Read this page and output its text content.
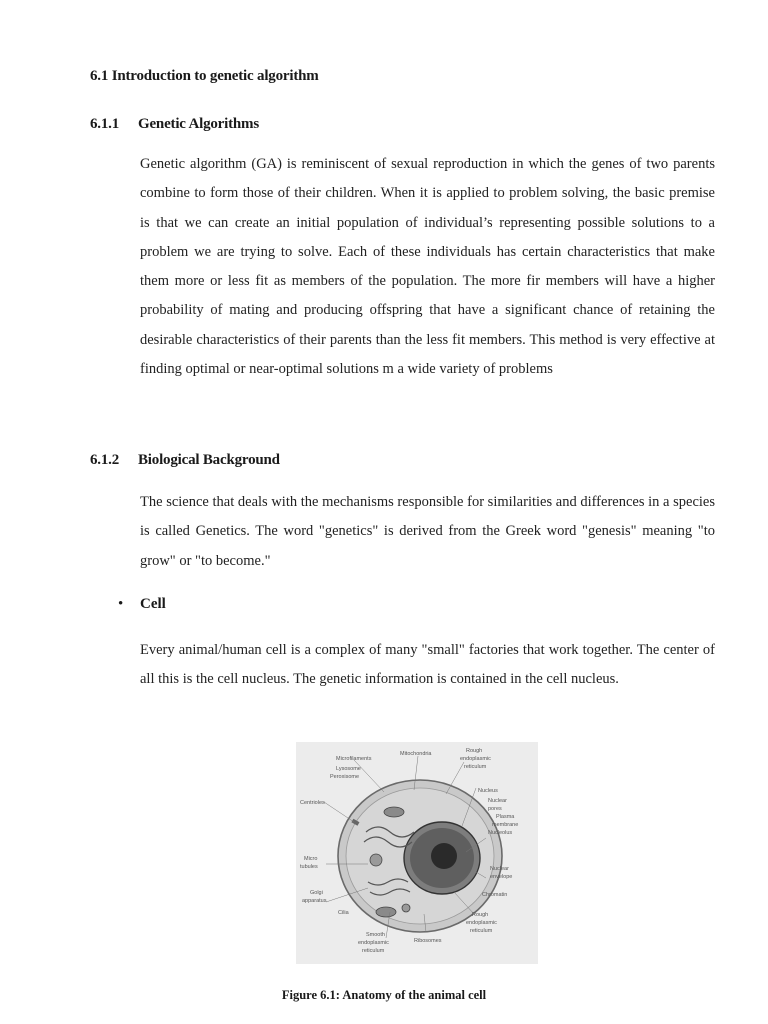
6.1 Introduction to genetic algorithm
6.1.1 Genetic Algorithms
Genetic algorithm (GA) is reminiscent of sexual reproduction in which the genes of two parents combine to form those of their children. When it is applied to problem solving, the basic premise is that we can create an initial population of individual’s representing possible solutions to a problem we are trying to solve. Each of these individuals has certain characteristics that make them more or less fit as members of the population. The more fir members will have a higher probability of mating and producing offspring that have a significant chance of retaining the desirable characteristics of their parents than the less fit members. This method is very effective at finding optimal or near-optimal solutions m a wide variety of problems
6.1.2 Biological Background
The science that deals with the mechanisms responsible for similarities and differences in a species is called Genetics. The word "genetics" is derived from the Greek word "genesis" meaning "to grow" or "to become."
• Cell
Every animal/human cell is a complex of many "small" factories that work together. The center of all this is the cell nucleus. The genetic information is contained in the cell nucleus.
Microfilaments
Mitochondria	Rough
endoplasmic
reticulum
Lysosome
Peroxisome
Nucleus
Nuclear
pores
Plasma
membrane
Centrioles
Nucleolus
Micro
tubules	Nuclear
envelope
Golgi
apparatus
Chromatin
Cilia	Rough
endoplasmic
reticulum
Smooth
endoplasmic
reticulum
Ribosomes
Figure 6.1: Anatomy of the animal cell
